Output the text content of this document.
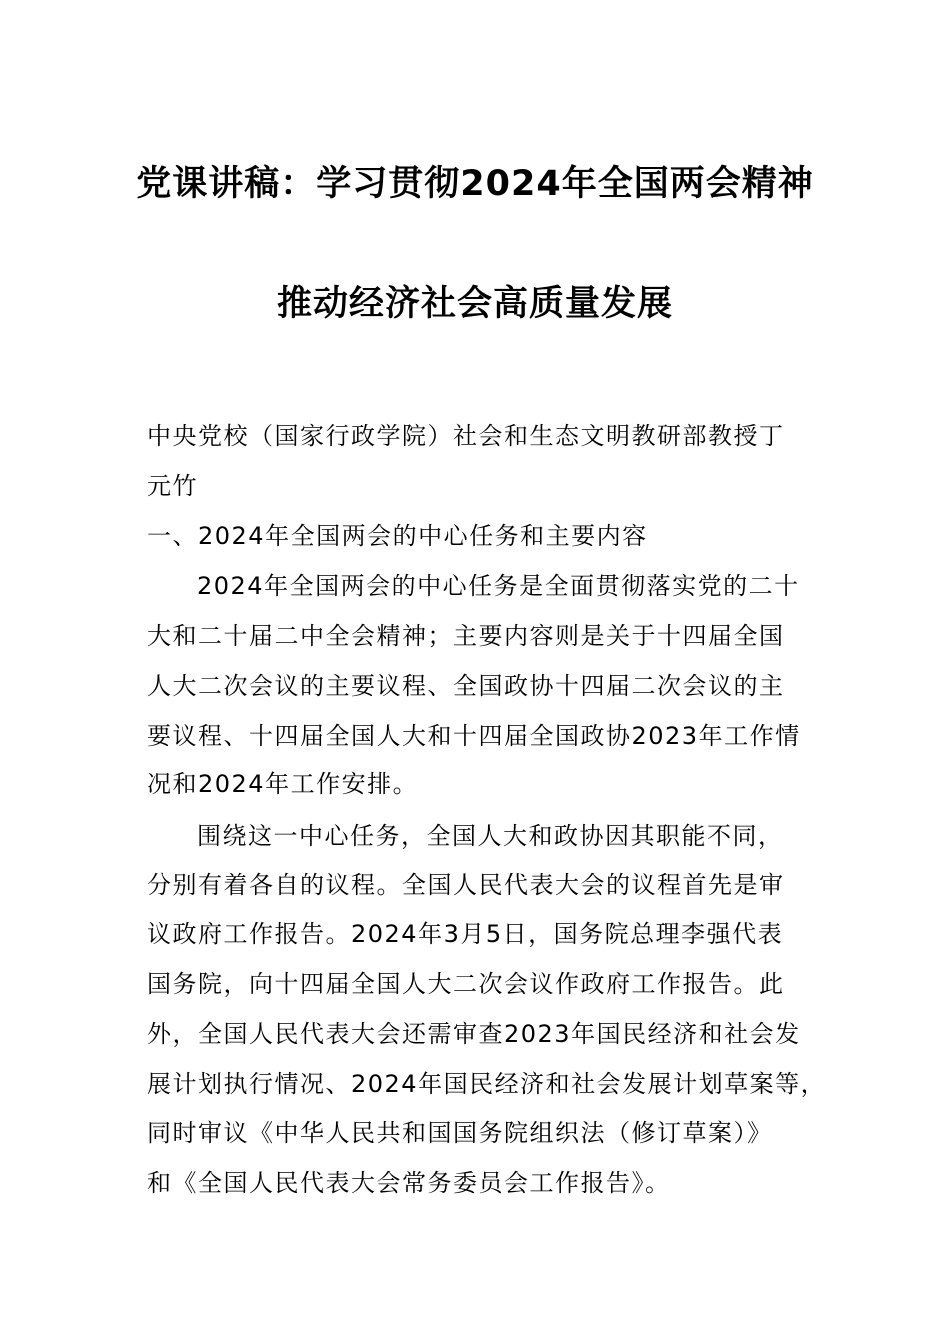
党课讲稿：学习贯彻2024年全国两会精神
推动经济社会高质量发展
中央党校（国家行政学院）社会和生态文明教研部教授丁
元竹
一、2024年全国两会的中心任务和主要内容
2024年全国两会的中心任务是全面贯彻落实党的二十
大和二十届二中全会精神；主要内容则是关于十四届全国
人大二次会议的主要议程、全国政协十四届二次会议的主
要议程、十四届全国人大和十四届全国政协2023年工作情
况和2024年工作安排。
围绕这一中心任务，全国人大和政协因其职能不同，
分别有着各自的议程。全国人民代表大会的议程首先是审
议政府工作报告。2024年3月5日，国务院总理李强代表
国务院，向十四届全国人大二次会议作政府工作报告。此
外，全国人民代表大会还需审查2023年国民经济和社会发
展计划执行情况、2024年国民经济和社会发展计划草案等，
同时审议《中华人民共和国国务院组织法（修订草案）》
和《全国人民代表大会常务委员会工作报告》。
